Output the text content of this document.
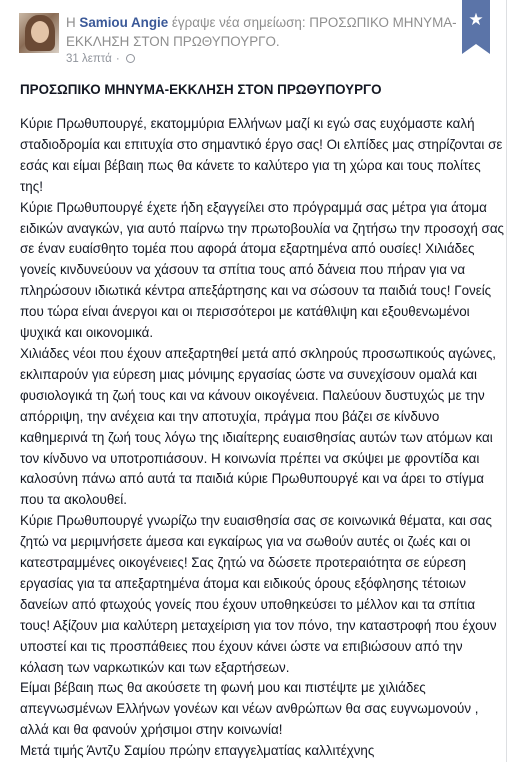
Η Samiou Angie έγραψε νέα σημείωση: ΠΡΟΣΩΠΙΚΟ ΜΗΝΥΜΑ-ΕΚΚΛΗΣΗ ΣΤΟΝ ΠΡΩΘΥΠΟΥΡΓΟ.
31 λεπτά ·
★
ΠΡΟΣΩΠΙΚΟ ΜΗΝΥΜΑ-ΕΚΚΛΗΣΗ ΣΤΟΝ ΠΡΩΘΥΠΟΥΡΓΟ

Κύριε Πρωθυπουργέ, εκατομμύρια Ελλήνων μαζί κι εγώ σας ευχόμαστε καλή σταδιοδρομία και επιτυχία στο σημαντικό έργο σας! Οι ελπίδες μας στηρίζονται σε εσάς και είμαι βέβαιη πως θα κάνετε το καλύτερο για τη χώρα και τους πολίτες της!

Κύριε Πρωθυπουργέ έχετε ήδη εξαγγείλει στο πρόγραμμά σας μέτρα για άτομα ειδικών αναγκών, για αυτό παίρνω την πρωτοβουλία να ζητήσω την προσοχή σας σε έναν ευαίσθητο τομέα που αφορά άτομα εξαρτημένα από ουσίες! Χιλιάδες γονείς κινδυνεύουν να χάσουν τα σπίτια τους από δάνεια που πήραν για να πληρώσουν ιδιωτικά κέντρα απεξάρτησης και να σώσουν τα παιδιά τους! Γονείς που τώρα είναι άνεργοι και οι περισσότεροι με κατάθλιψη και εξουθενωμένοι ψυχικά και οικονομικά.

Χιλιάδες νέοι που έχουν απεξαρτηθεί μετά από σκληρούς προσωπικούς αγώνες, εκλιπαρούν για εύρεση μιας μόνιμης εργασίας ώστε να συνεχίσουν ομαλά και φυσιολογικά τη ζωή τους και να κάνουν οικογένεια. Παλεύουν δυστυχώς με την απόρριψη, την ανέχεια και την αποτυχία, πράγμα που βάζει σε κίνδυνο καθημερινά τη ζωή τους λόγω της ιδιαίτερης ευαισθησίας αυτών των ατόμων και τον κίνδυνο να υποτροπιάσουν. Η κοινωνία πρέπει να σκύψει με φροντίδα και καλοσύνη πάνω από αυτά τα παιδιά κύριε Πρωθυπουργέ και να άρει το στίγμα που τα ακολουθεί.

Κύριε Πρωθυπουργέ γνωρίζω την ευαισθησία σας σε κοινωνικά θέματα, και σας ζητώ να μεριμνήσετε άμεσα και εγκαίρως για να σωθούν αυτές οι ζωές και οι κατεστραμμένες οικογένειες! Σας ζητώ να δώσετε προτεραιότητα σε εύρεση εργασίας για τα απεξαρτημένα άτομα και ειδικούς όρους εξόφλησης τέτοιων δανείων από φτωχούς γονείς που έχουν υποθηκεύσει το μέλλον και τα σπίτια τους! Αξίζουν μια καλύτερη μεταχείριση για τον πόνο, την καταστροφή που έχουν υποστεί και τις προσπάθειες που έχουν κάνει ώστε να επιβιώσουν από την κόλαση των ναρκωτικών και των εξαρτήσεων.

Είμαι βέβαιη πως θα ακούσετε τη φωνή μου και πιστέψτε με χιλιάδες απεγνωσμένων Ελλήνων γονέων και νέων ανθρώπων θα σας ευγνωμονούν , αλλά και θα φανούν χρήσιμοι στην κοινωνία!

Μετά τιμής Άντζυ Σαμίου πρώην επαγγελματίας καλλιτέχνης
